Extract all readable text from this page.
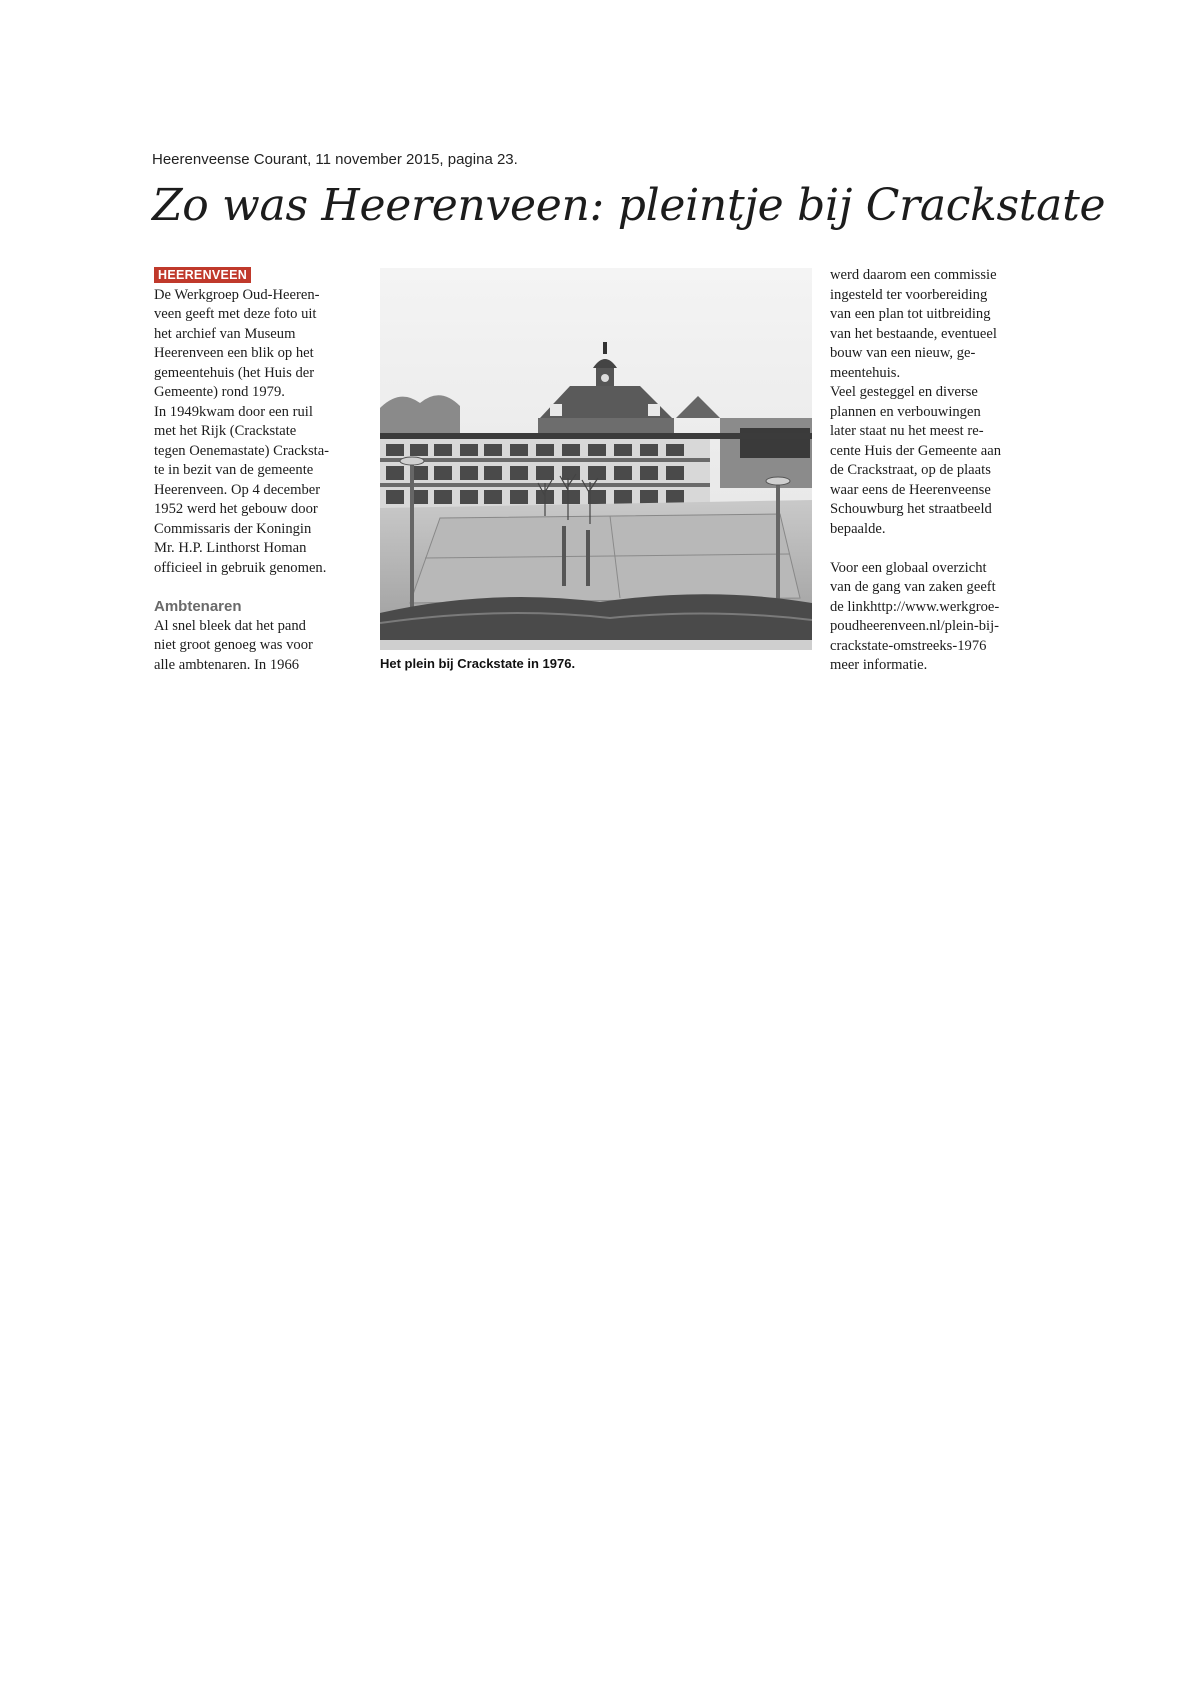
Heerenveense Courant, 11 november 2015, pagina 23.
Zo was Heerenveen: pleintje bij Crackstate
HEERENVEEN
De Werkgroep Oud-Heeren-
veen geeft met deze foto uit
het archief van Museum
Heerenveen een blik op het
gemeentehuis (het Huis der
Gemeente) rond 1979.
In 1949kwam door een ruil
met het Rijk (Crackstate
tegen Oenemastate) Cracksta-
te in bezit van de gemeente
Heerenveen. Op 4 december
1952 werd het gebouw door
Commissaris der Koningin
Mr. H.P. Linthorst Homan
officieel in gebruik genomen.
Ambtenaren
Al snel bleek dat het pand
niet groot genoeg was voor
alle ambtenaren. In 1966	Het plein bij Crackstate in 1976.
werd daarom een commissie
ingesteld ter voorbereiding
van een plan tot uitbreiding
van het bestaande, eventueel
bouw van een nieuw, ge-
meentehuis.
Veel gesteggel en diverse
plannen en verbouwingen
later staat nu het meest re-
cente Huis der Gemeente aan
de Crackstraat, op de plaats
waar eens de Heerenveense
Schouwburg het straatbeeld
bepaalde.
Voor een globaal overzicht
van de gang van zaken geeft
de linkhttp://www.werkgroe-
poudheerenveen.nl/plein-bij-
crackstate-omstreeks-1976
meer informatie.
